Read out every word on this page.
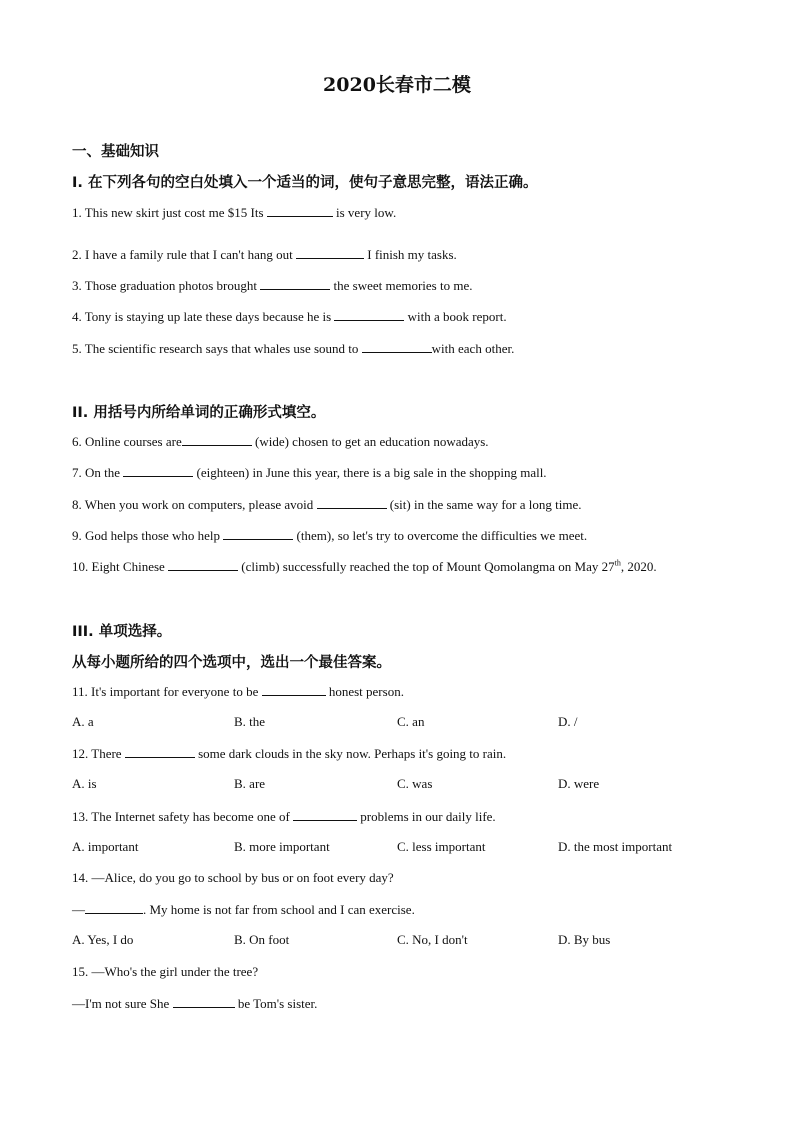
2020长春市二模
一、基础知识
I. 在下列各句的空白处填入一个适当的词，使句子意思完整，语法正确。
1. This new skirt just cost me $15 Its	is very low.
2. I have a family rule that I can't hang out	I finish my tasks.
3. Those graduation photos brought	the sweet memories to me.
4. Tony is staying up late these days because he is	with a book report.
5. The scientific research says that whales use sound to	with each other.
II. 用括号内所给单词的正确形式填空。
6. Online courses are	(wide) chosen to get an education nowadays.
7. On the	(eighteen) in June this year, there is a big sale in the shopping mall.
8. When you work on computers, please avoid	(sit) in the same way for a long time.
9. God helps those who help	(them), so let's try to overcome the difficulties we meet.
10. Eight Chinese	(climb) successfully reached the top of Mount Qomolangma on May 27th, 2020.
III. 单项选择。
从每小题所给的四个选项中，选出一个最佳答案。
11. It's important for everyone to be	honest person.
A. a	B. the	C. an	D. /
12. There	some dark clouds in the sky now. Perhaps it's going to rain.
A. is	B. are	C. was	D. were
13. The Internet safety has become one of	problems in our daily life.
A. important	B. more important	C. less important	D. the most important
14. —Alice, do you go to school by bus or on foot every day?
—	. My home is not far from school and I can exercise.
A. Yes, I do	B. On foot	C. No, I don't	D. By bus
15. —Who's the girl under the tree?
—I'm not sure She	be Tom's sister.
